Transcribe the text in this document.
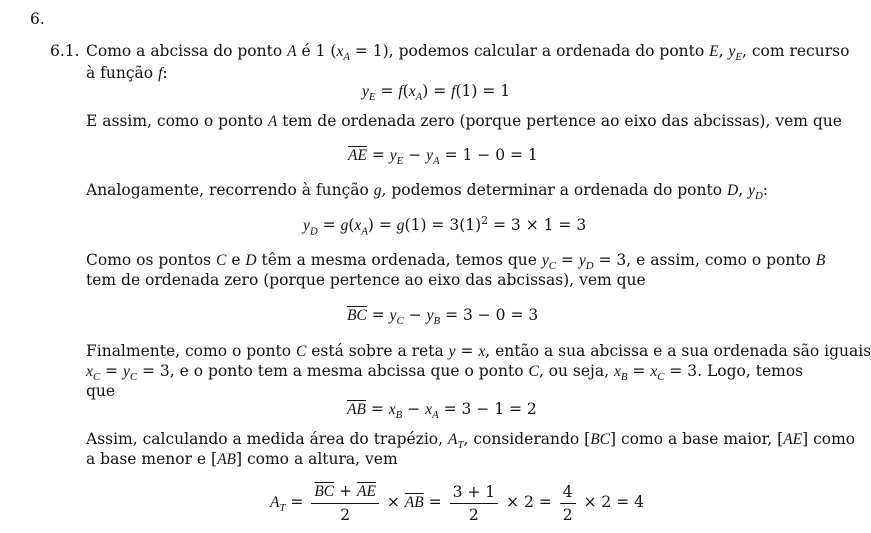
6.
6.1. Como a abcissa do ponto A é 1 $(x_A = 1)$, podemos calcular a ordenada do ponto E, $y_E$, com recurso
à função f:
$y_E = f(x_A) = f(1) = 1$
E assim, como o ponto A tem de ordenada zero (porque pertence ao eixo das abcissas), vem que
$\overline{AE} = y_E - y_A = 1 - 0 = 1$
Analogamente, recorrendo à função g, podemos determinar a ordenada do ponto D, $y_D$:
$y_D = g(x_A) = g(1) = 3(1)^2 = 3 \times 1 = 3$
Como os pontos C e D têm a mesma ordenada, temos que $y_C = y_D = 3$, e assim, como o ponto B
tem de ordenada zero (porque pertence ao eixo das abcissas), vem que
$\overline{BC} = y_C - y_B = 3 - 0 = 3$
Finalmente, como o ponto C está sobre a reta y = x, então a sua abcissa e a sua ordenada são iguais
$x_C = y_C = 3$, e o ponto tem a mesma abcissa que o ponto C, ou seja, $x_B = x_C = 3$. Logo, temos
que
$\overline{AB} = x_B - x_A = 3 - 1 = 2$
Assim, calculando a medida área do trapézio, $A_T$, considerando [BC] como a base maior, [AE] como
a base menor e [AB] como a altura, vem
$A_T = \frac{\overline{BC} + \overline{AE}}{2} \times \overline{AB} = \frac{3 + 1}{2} \times 2 = \frac{4}{2} \times 2 = 4$
